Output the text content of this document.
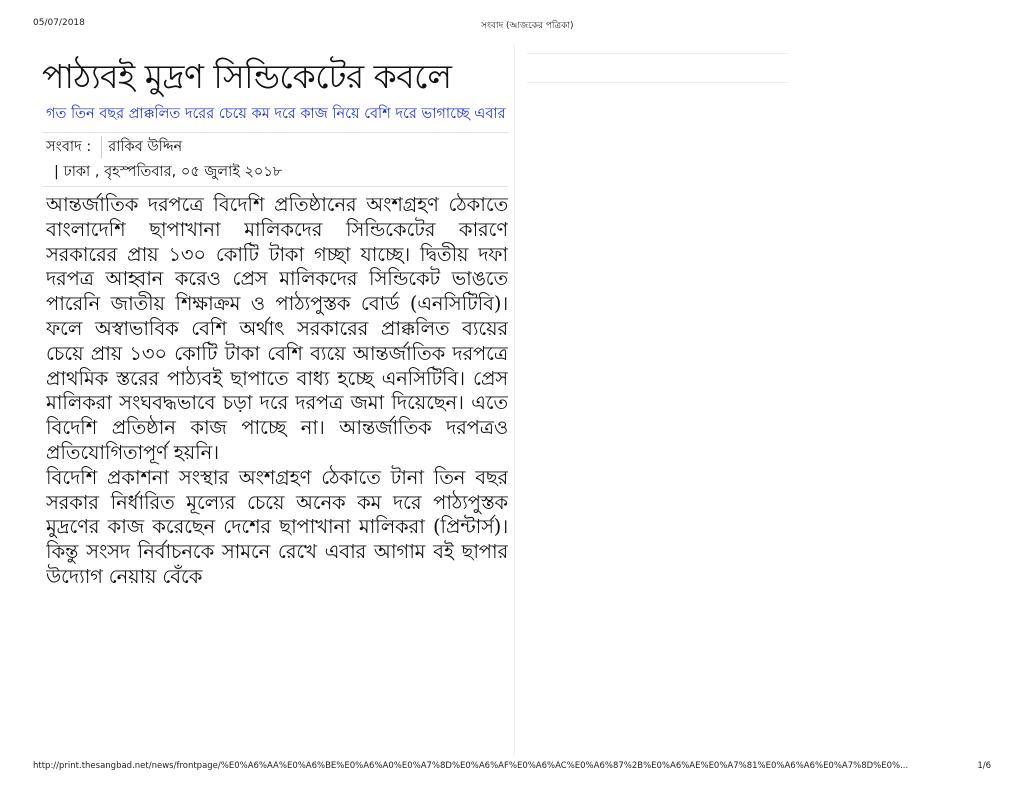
05/07/2018	সংবাদ (আজকের পত্রিকা)
পাঠ্যবই মুদ্রণ সিন্ডিকেটের কবলে
গত তিন বছর প্রাক্কলিত দরের চেয়ে কম দরে কাজ নিয়ে বেশি দরে ভাগাচ্ছে এবার
সংবাদ :	রাকিব উদ্দিন
| ঢাকা , বৃহস্পতিবার, ০৫ জুলাই ২০১৮

আন্তর্জাতিক দরপত্রে বিদেশি প্রতিষ্ঠানের অংশগ্রহণ ঠেকাতে বাংলাদেশি ছাপাখানা মালিকদের সিন্ডিকেটের কারণে সরকারের প্রায় ১৩০ কোটি টাকা গচ্ছা যাচ্ছে। দ্বিতীয় দফা দরপত্র আহ্বান করেও প্রেস মালিকদের সিন্ডিকেট ভাঙতে পারেনি জাতীয় শিক্ষাক্রম ও পাঠ্যপুস্তক বোর্ড (এনসিটিবি)। ফলে অস্বাভাবিক বেশি অর্থাৎ সরকারের প্রাক্কলিত ব্যয়ের চেয়ে প্রায় ১৩০ কোটি টাকা বেশি ব্যয়ে আন্তর্জাতিক দরপত্রে প্রাথমিক স্তরের পাঠ্যবই ছাপাতে বাধ্য হচ্ছে এনসিটিবি। প্রেস মালিকরা সংঘবদ্ধভাবে চড়া দরে দরপত্র জমা দিয়েছেন। এতে বিদেশি প্রতিষ্ঠান কাজ পাচ্ছে না। আন্তর্জাতিক দরপত্রও প্রতিযোগিতাপূর্ণ হয়নি।

বিদেশি প্রকাশনা সংস্থার অংশগ্রহণ ঠেকাতে টানা তিন বছর সরকার নির্ধারিত মূল্যের চেয়ে অনেক কম দরে পাঠ্যপুস্তক মুদ্রণের কাজ করেছেন দেশের ছাপাখানা মালিকরা (প্রিন্টার্স)। কিন্তু সংসদ নির্বাচনকে সামনে রেখে এবার আগাম বই ছাপার উদ্যোগ নেয়ায় বেঁকে

http://print.thesangbad.net/news/frontpage/%E0%A6%AA%E0%A6%BE%E0%A6%A0%E0%A7%8D%E0%A6%AF%E0%A6%AC%E0%A6%87%2B%E0%A6%AE%E0%A7%81%E0%A6%A6%E0%A7%8D%E0%...	1/6
